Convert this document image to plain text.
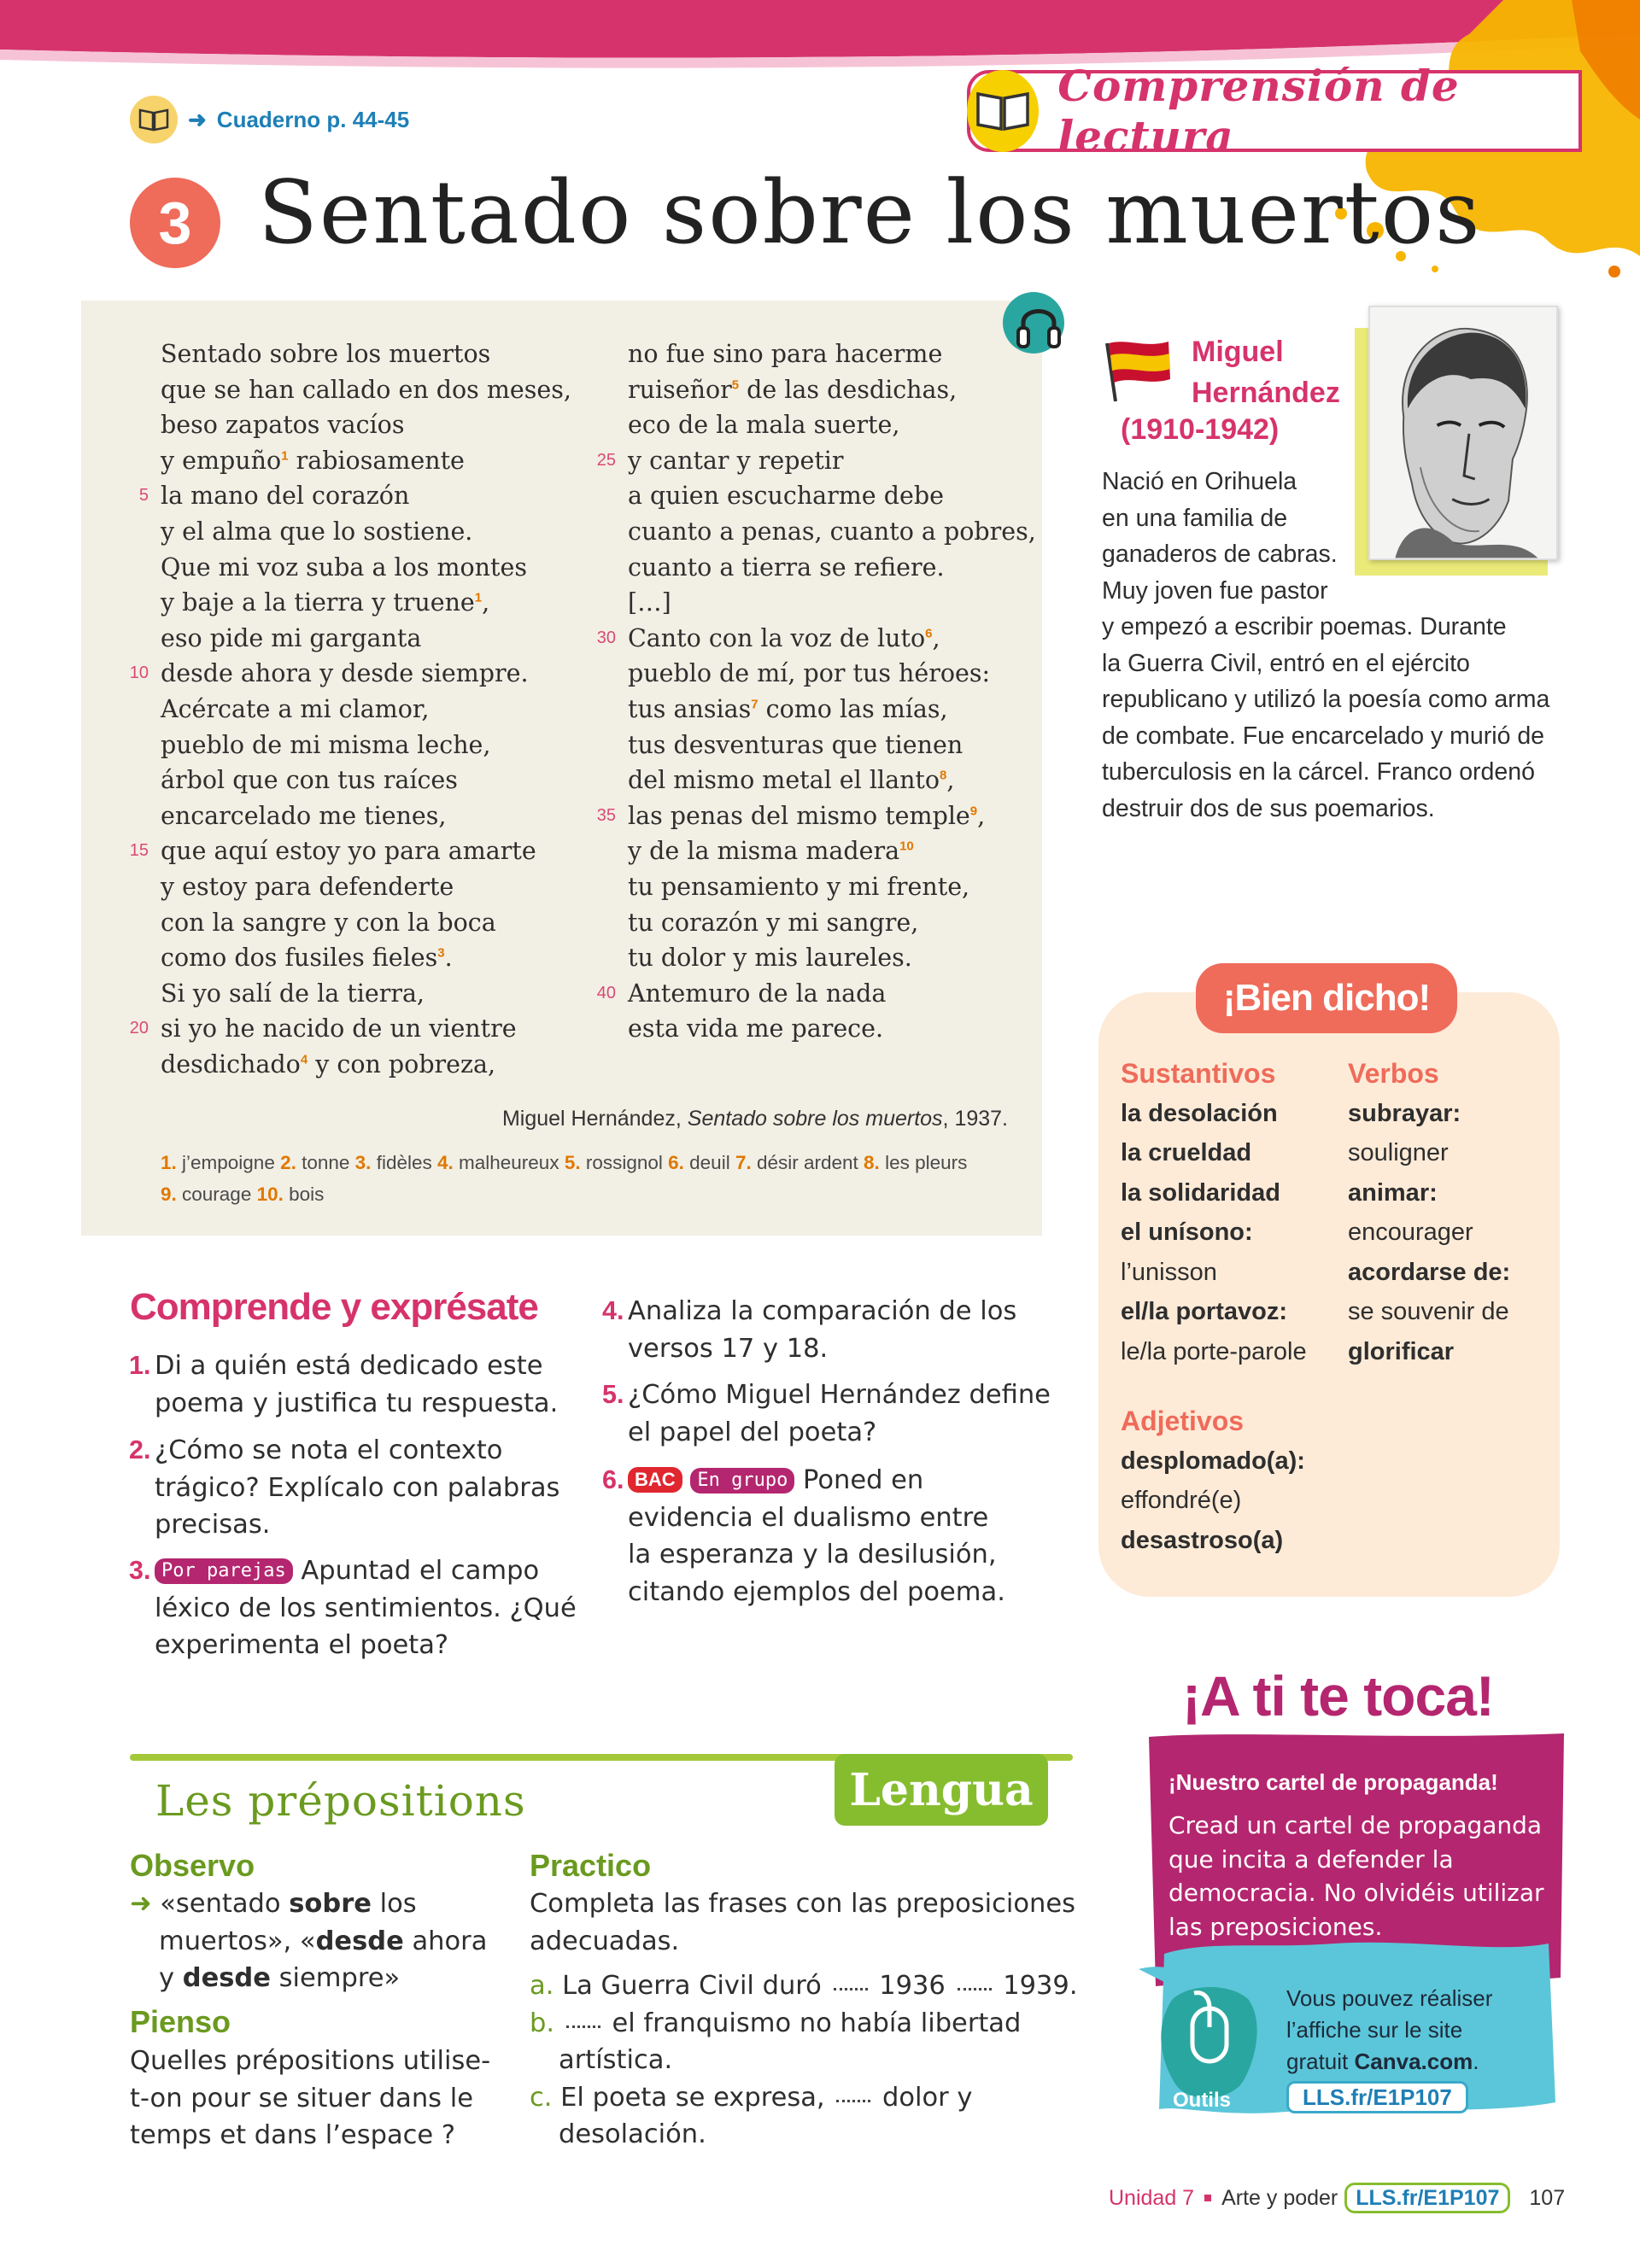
➜ Cuaderno p. 44-45
Comprensión de lectura
3 Sentado sobre los muertos
Sentado sobre los muertos
que se han callado en dos meses,
beso zapatos vacíos
y empuño$^1$ rabiosamente
5 la mano del corazón
y el alma que lo sostiene.
Que mi voz suba a los montes
y baje a la tierra y truene$^1$,
eso pide mi garganta
10 desde ahora y desde siempre.
Acércate a mi clamor,
pueblo de mi misma leche,
árbol que con tus raíces
encarcelado me tienes,
15 que aquí estoy yo para amarte
y estoy para defenderte
con la sangre y con la boca
como dos fusiles fieles$^3$.
Si yo salí de la tierra,
20 si yo he nacido de un vientre
desdichado$^4$ y con pobreza,
no fue sino para hacerme
ruiseñor$^5$ de las desdichas,
eco de la mala suerte,
25 y cantar y repetir
a quien escucharme debe
cuanto a penas, cuanto a pobres,
cuanto a tierra se refiere.
[…]
30 Canto con la voz de luto$^6$,
pueblo de mí, por tus héroes:
tus ansias$^7$ como las mías,
tus desventuras que tienen
del mismo metal el llanto$^8$,
35 las penas del mismo temple$^9$,
y de la misma madera$^{10}$
tu pensamiento y mi frente,
tu corazón y mi sangre,
tu dolor y mis laureles.
40 Antemuro de la nada
esta vida me parece.
Miguel Hernández, Sentado sobre los muertos, 1937.
1. j’empoigne 2. tonne 3. fidèles 4. malheureux 5. rossignol 6. deuil 7. désir ardent 8. les pleurs
9. courage 10. bois
Miguel
Hernández
(1910-1942)
Nació en Orihuela
en una familia de
ganaderos de cabras.
Muy joven fue pastor
y empezó a escribir poemas. Durante
la Guerra Civil, entró en el ejército
republicano y utilizó la poesía como arma
de combate. Fue encarcelado y murió de
tuberculosis en la cárcel. Franco ordenó
destruir dos de sus poemarios.
¡Bien dicho!
Sustantivos
la desolación
la crueldad
la solidaridad
el unísono:
l’unisson
el/la portavoz:
le/la porte-parole
Verbos
subrayar:
souligner
animar:
encourager
acordarse de:
se souvenir de
glorificar
Adjetivos
desplomado(a):
effondré(e)
desastroso(a)
Comprende y exprésate
1. Di a quién está dedicado este
poema y justifica tu respuesta.
2. ¿Cómo se nota el contexto
trágico? Explícalo con palabras
precisas.
3. Por parejas Apuntad el campo
léxico de los sentimientos. ¿Qué
experimenta el poeta?
4. Analiza la comparación de los
versos 17 y 18.
5. ¿Cómo Miguel Hernández define
el papel del poeta?
6. BAC En grupo Poned en
evidencia el dualismo entre
la esperanza y la desilusión,
citando ejemplos del poema.
Lengua
Les prépositions
Observo
➜ «sentado sobre los
muertos», «desde ahora
y desde siempre»
Pienso
Quelles prépositions utilise-
t-on pour se situer dans le
temps et dans l’espace ?
Practico
Completa las frases con las preposiciones
adecuadas.
a. La Guerra Civil duró  1936  1939.
b.  el franquismo no había libertad
artística.
c. El poeta se expresa,  dolor y
desolación.
¡A ti te toca!
¡Nuestro cartel de propaganda!
Cread un cartel de propaganda
que incita a defender la
democracia. No olvidéis utilizar
las preposiciones.
Outils
Vous pouvez réaliser
l’affiche sur le site
gratuit Canva.com.
LLS.fr/E1P107
Unidad 7 Arte y poder LLS.fr/E1P107	107
